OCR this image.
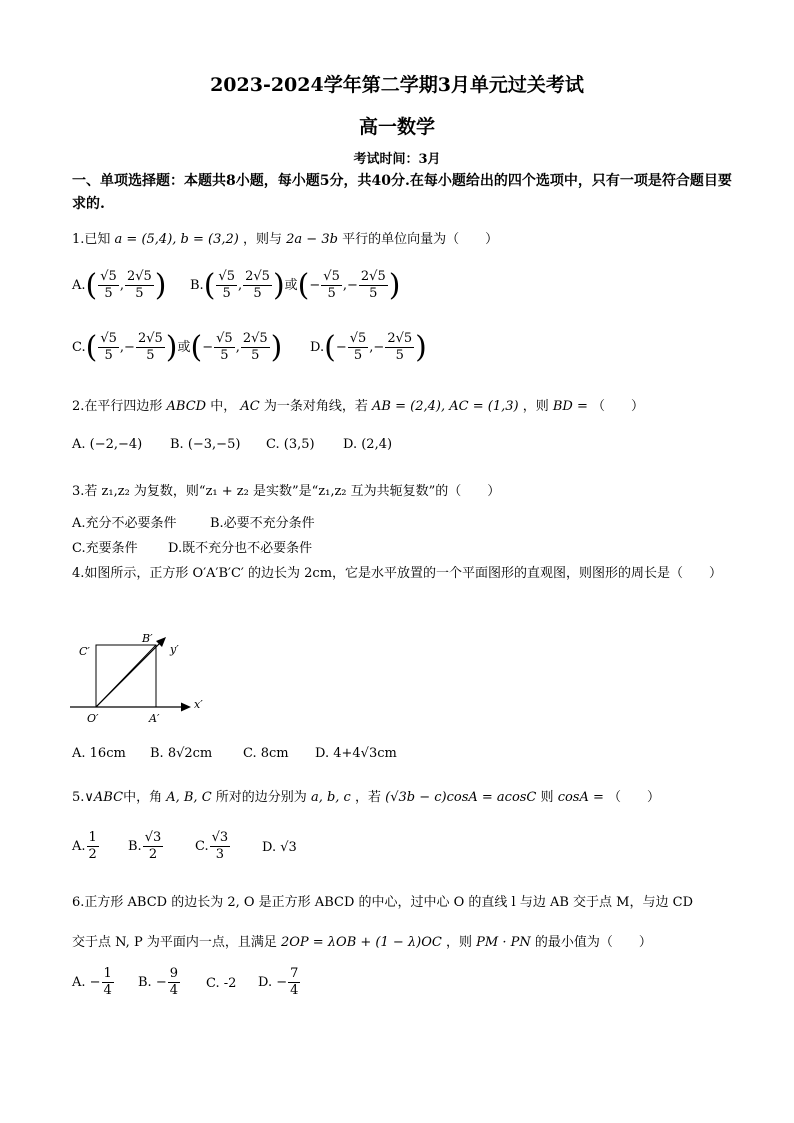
2023-2024学年第二学期3月单元过关考试
高一数学
考试时间：3月
一、单项选择题：本题共8小题，每小题5分，共40分.在每小题给出的四个选项中，只有一项是符合题目要求的.
1.已知 a = (5,4), b = (3,2) ，则与 2a − 3b 平行的单位向量为（　　）
$A.( \frac{√5}{5}$ , $\frac{2√5}{5}$ ) $B.( \frac{√5}{5}$ , $\frac{2√5}{5}$ )或(− $\frac{√5}{5}$ ,− $\frac{2√5}{5}$ )
$C.( \frac{√5}{5}$ ,− $\frac{2√5}{5}$ )或(− $\frac{√5}{5}$ , $\frac{2√5}{5}$ ) $D.(- \frac{√5}{5}$ ,− $\frac{2√5}{5}$ )
2.在平行四边形 ABCD 中， AC 为一条对角线，若 AB = (2,4), AC = (1,3) ，则 BD = （　　）
A. (−2,−4) B. (−3,−5) C. (3,5) D. (2,4)
3.若 z₁,z₂ 为复数，则“z₁ + z₂ 是实数”是“z₁,z₂ 互为共轭复数”的（　　）
A.充分不必要条件	B.必要不充分条件
C.充要条件 D.既不充分也不必要条件
4.如图所示，正方形 O′A′B′C′ 的边长为 2cm，它是水平放置的一个平面图形的直观图，则图形的周长是（　　）
C′
B′
y′
O′	A′
x′
A. 16cm B. 8√2cm C. 8cm D. 4+4√3cm
5.∨ABC中，角 A, B, C 所对的边分别为 a, b, c ，若 (√3b − c)cosA = acosC 则 cosA = （　　）
A. $\frac{1}{2} B$. $\frac{√3}{2} C$. $\frac{√3}{3} D$. √3
6.正方形 ABCD 的边长为 2, O 是正方形 ABCD 的中心，过中心 O 的直线 l 与边 AB 交于点 M，与边 CD
交于点 N, P 为平面内一点，且满足 2OP = λOB + (1 − λ)OC ，则 PM · PN 的最小值为（　　）
A. − $\frac{1}{4} B$. − $\frac{9}{4} C$. -2 D. − $\frac{7}{4}$
